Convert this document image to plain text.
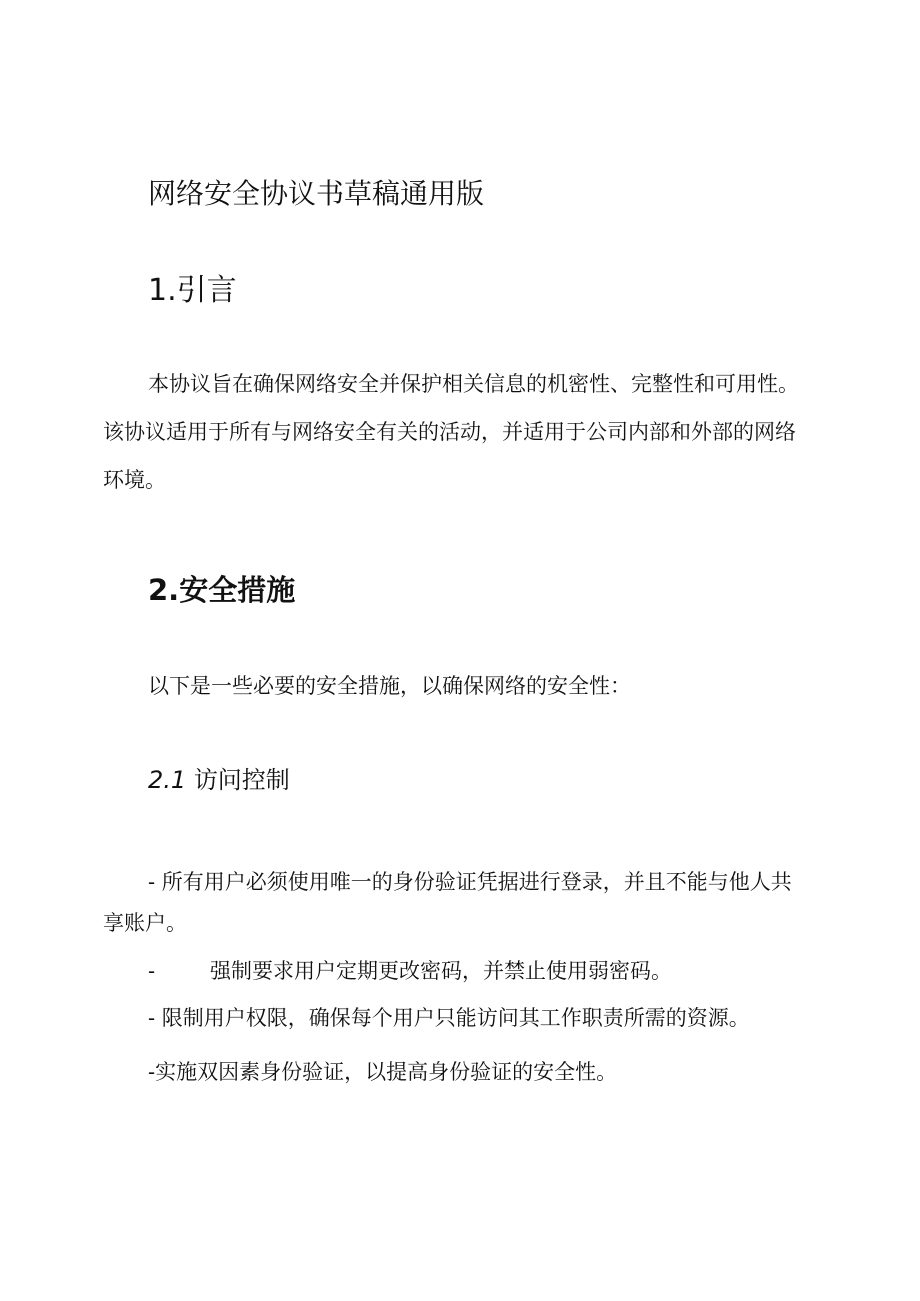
网络安全协议书草稿通用版
1.引言

本协议旨在确保网络安全并保护相关信息的机密性、完整性和可用性。

该协议适用于所有与网络安全有关的活动，并适用于公司内部和外部的网络

环境。

2.安全措施

以下是一些必要的安全措施，以确保网络的安全性：

2.1 访问控制

- 所有用户必须使用唯一的身份验证凭据进行登录，并且不能与他人共

享账户。

-	强制要求用户定期更改密码，并禁止使用弱密码。

- 限制用户权限，确保每个用户只能访问其工作职责所需的资源。

-实施双因素身份验证，以提高身份验证的安全性。
